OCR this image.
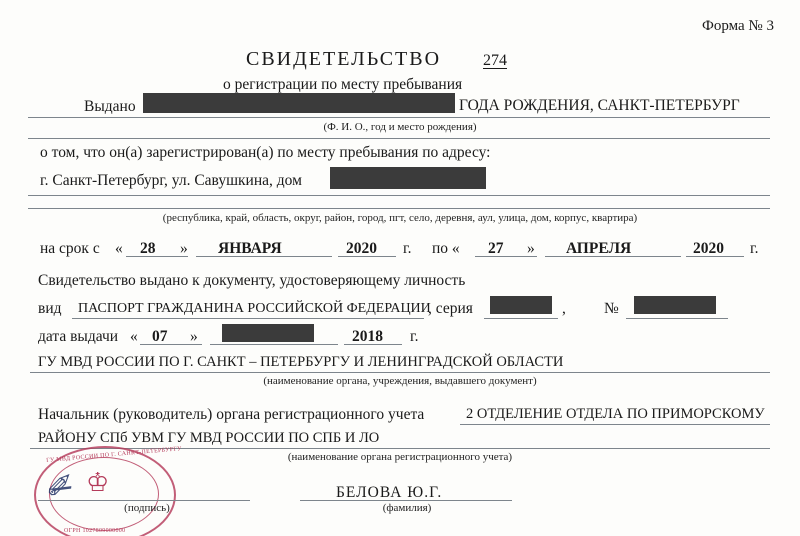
Форма № 3
СВИДЕТЕЛЬСТВО	274
о регистрации по месту пребывания
Выдано	ГОДА РОЖДЕНИЯ, САНКТ-ПЕТЕРБУРГ
(Ф. И. О., год и место рождения)
о том, что он(а) зарегистрирован(а) по месту пребывания по адресу:
г. Санкт-Петербург, ул. Савушкина, дом
(республика, край, область, округ, район, город, пгт, село, деревня, аул, улица, дом, корпус, квартира)
на срок с « 28 » ЯНВАРЯ	2020 г. по « 27 » АПРЕЛЯ	2020 г.
Свидетельство выдано к документу, удостоверяющему личность
вид ПАСПОРТ ГРАЖДАНИНА РОССИЙСКОЙ ФЕДЕРАЦИИ
, серия	, №
дата выдачи « 07 »	2018 г.
ГУ МВД РОССИИ ПО Г. САНКТ – ПЕТЕРБУРГУ И ЛЕНИНГРАДСКОЙ ОБЛАСТИ
(наименование органа, учреждения, выдавшего документ)
Начальник (руководитель) органа регистрационного учета	2 ОТДЕЛЕНИЕ ОТДЕЛА ПО ПРИМОРСКОМУ
РАЙОНУ СПб УВМ ГУ МВД РОССИИ ПО СПБ И ЛО
(наименование органа регистрационного учета)
♔
ГУ МВД РОССИИ ПО Г. САНКТ-ПЕТЕРБУРГУ
ОГРН 1027809000000
✐̶
(подпись)
БЕЛОВА Ю.Г.
(фамилия)
